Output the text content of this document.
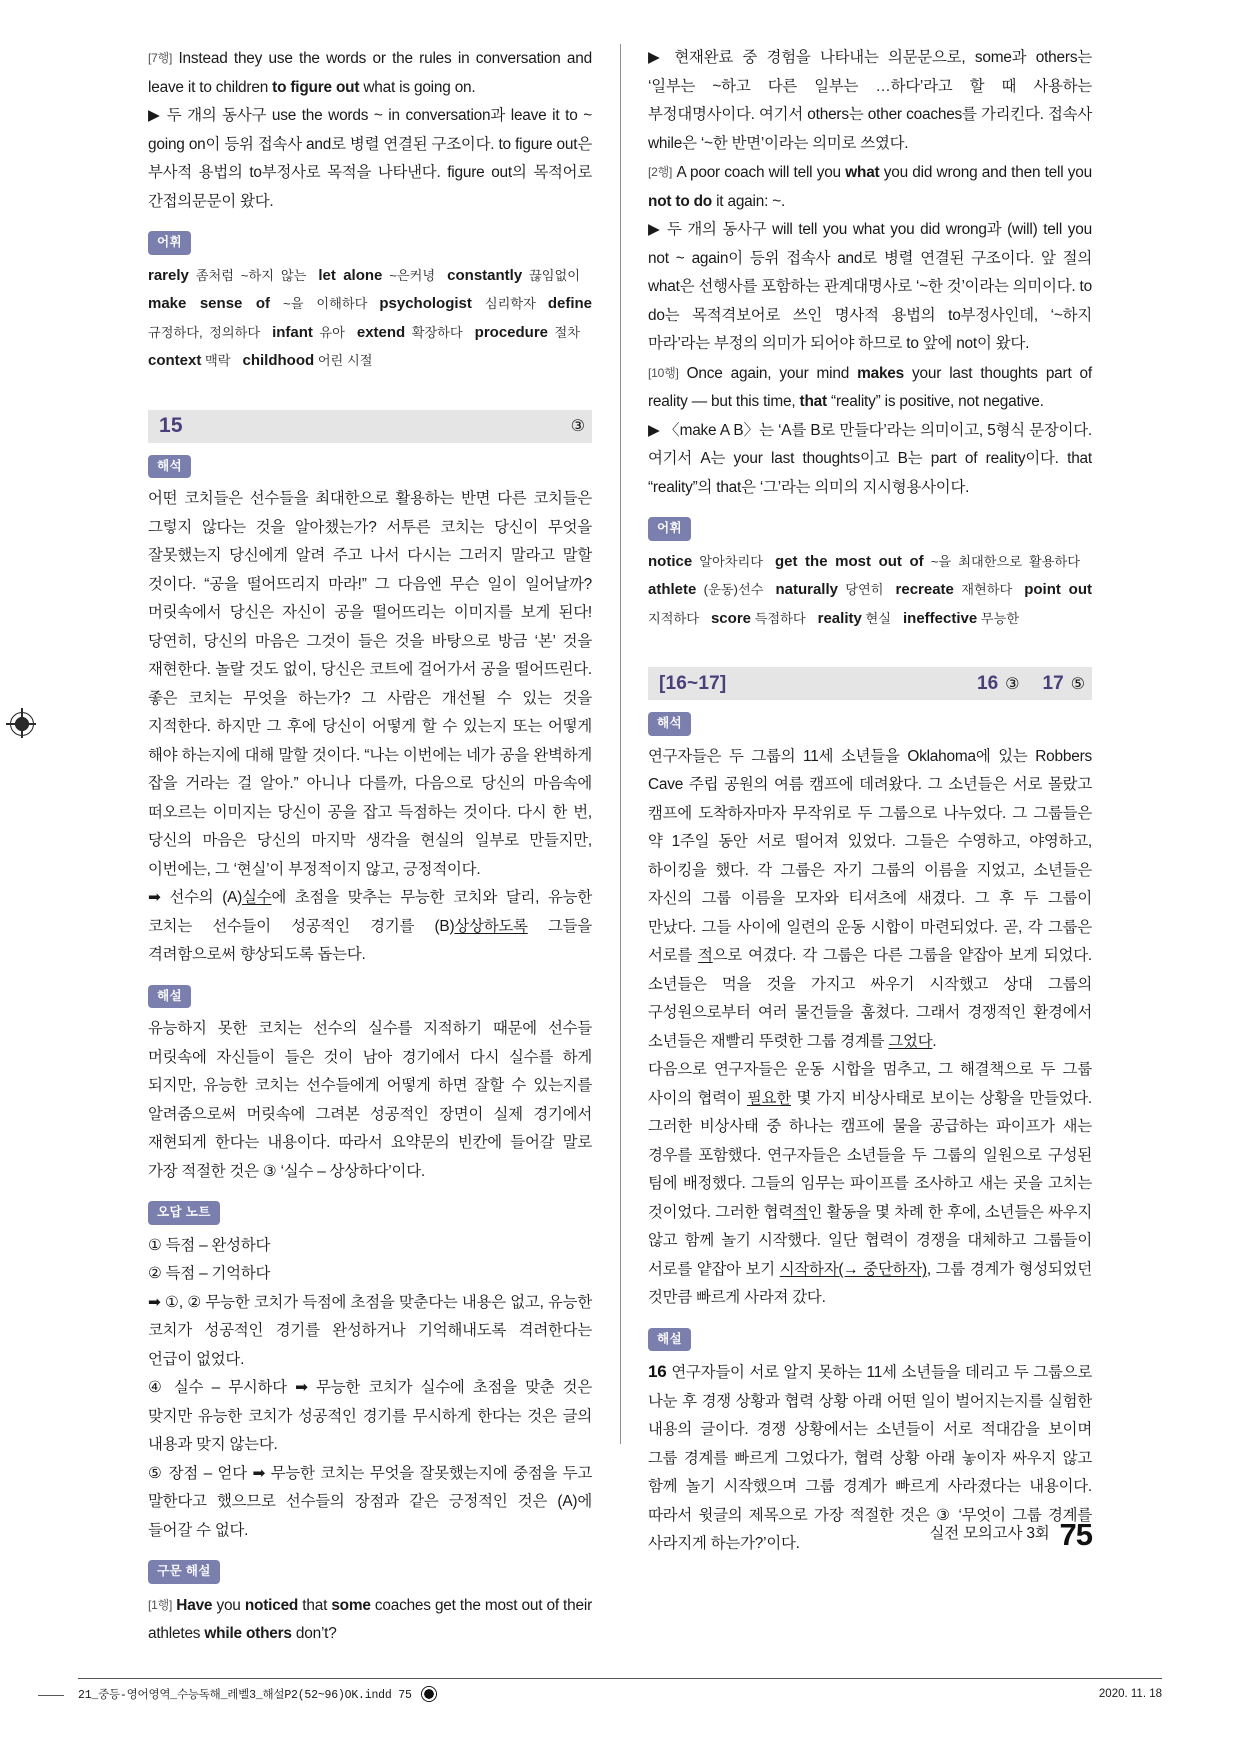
[7행] Instead they use the words or the rules in conversation and leave it to children to figure out what is going on.

▶ 두 개의 동사구 use the words ~ in conversation과 leave it to ~ going on이 등위 접속사 and로 병렬 연결된 구조이다. to figure out은 부사적 용법의 to부정사로 목적을 나타낸다. figure out의 목적어로 간접의문문이 왔다.

어휘
rarely 좀처럼 ~하지 않는 let alone ~은커녕 constantly 끊임없이make sense of ~을 이해하다 psychologist 심리학자 define 규정하다, 정의하다 infant 유아 extend 확장하다 procedure 절차context 맥락 childhood 어린 시절
15	③
해석

어떤 코치들은 선수들을 최대한으로 활용하는 반면 다른 코치들은 그렇지 않다는 것을 알아챘는가? 서투른 코치는 당신이 무엇을 잘못했는지 당신에게 알려 주고 나서 다시는 그러지 말라고 말할 것이다. “공을 떨어뜨리지 마라!” 그 다음엔 무슨 일이 일어날까? 머릿속에서 당신은 자신이 공을 떨어뜨리는 이미지를 보게 된다! 당연히, 당신의 마음은 그것이 들은 것을 바탕으로 방금 ‘본’ 것을 재현한다. 놀랄 것도 없이, 당신은 코트에 걸어가서 공을 떨어뜨린다. 좋은 코치는 무엇을 하는가? 그 사람은 개선될 수 있는 것을 지적한다. 하지만 그 후에 당신이 어떻게 할 수 있는지 또는 어떻게 해야 하는지에 대해 말할 것이다. “나는 이번에는 네가 공을 완벽하게 잡을 거라는 걸 알아.” 아니나 다를까, 다음으로 당신의 마음속에 떠오르는 이미지는 당신이 공을 잡고 득점하는 것이다. 다시 한 번, 당신의 마음은 당신의 마지막 생각을 현실의 일부로 만들지만, 이번에는, 그 ‘현실’이 부정적이지 않고, 긍정적이다.

➡ 선수의 (A)실수에 초점을 맞추는 무능한 코치와 달리, 유능한 코치는 선수들이 성공적인 경기를 (B)상상하도록 그들을 격려함으로써 향상되도록 돕는다.

해설

유능하지 못한 코치는 선수의 실수를 지적하기 때문에 선수들 머릿속에 자신들이 들은 것이 남아 경기에서 다시 실수를 하게 되지만, 유능한 코치는 선수들에게 어떻게 하면 잘할 수 있는지를 알려줌으로써 머릿속에 그려본 성공적인 장면이 실제 경기에서 재현되게 한다는 내용이다. 따라서 요약문의 빈칸에 들어갈 말로 가장 적절한 것은 ③ ‘실수 – 상상하다’이다.

오답 노트

① 득점 – 완성하다

② 득점 – 기억하다

➡ ①, ② 무능한 코치가 득점에 초점을 맞춘다는 내용은 없고, 유능한 코치가 성공적인 경기를 완성하거나 기억해내도록 격려한다는 언급이 없었다.

④ 실수 – 무시하다 ➡ 무능한 코치가 실수에 초점을 맞춘 것은 맞지만 유능한 코치가 성공적인 경기를 무시하게 한다는 것은 글의 내용과 맞지 않는다.

⑤ 장점 – 얻다 ➡ 무능한 코치는 무엇을 잘못했는지에 중점을 두고 말한다고 했으므로 선수들의 장점과 같은 긍정적인 것은 (A)에 들어갈 수 없다.

구문 해설

[1행] Have you noticed that some coaches get the most out of their athletes while others don’t?

▶ 현재완료 중 경험을 나타내는 의문문으로, some과 others는 ‘일부는 ~하고 다른 일부는 …하다’라고 할 때 사용하는 부정대명사이다. 여기서 others는 other coaches를 가리킨다. 접속사 while은 ‘~한 반면’이라는 의미로 쓰였다.

[2행] A poor coach will tell you what you did wrong and then tell you not to do it again: ~.

▶ 두 개의 동사구 will tell you what you did wrong과 (will) tell you not ~ again이 등위 접속사 and로 병렬 연결된 구조이다. 앞 절의 what은 선행사를 포함하는 관계대명사로 ‘~한 것’이라는 의미이다. to do는 목적격보어로 쓰인 명사적 용법의 to부정사인데, ‘~하지 마라’라는 부정의 의미가 되어야 하므로 to 앞에 not이 왔다.

[10행] Once again, your mind makes your last thoughts part of reality — but this time, that “reality” is positive, not negative.

▶ 〈make A B〉는 ‘A를 B로 만들다’라는 의미이고, 5형식 문장이다. 여기서 A는 your last thoughts이고 B는 part of reality이다. that “reality”의 that은 ‘그’라는 의미의 지시형용사이다.

어휘
notice 알아차리다 get the most out of ~을 최대한으로 활용하다athlete (운동)선수 naturally 당연히 recreate 재현하다 point out 지적하다 score 득점하다 reality 현실 ineffective 무능한
[16~17]	16 ③ 17 ⑤
해석

연구자들은 두 그룹의 11세 소년들을 Oklahoma에 있는 Robbers Cave 주립 공원의 여름 캠프에 데려왔다. 그 소년들은 서로 몰랐고 캠프에 도착하자마자 무작위로 두 그룹으로 나누었다. 그 그룹들은 약 1주일 동안 서로 떨어져 있었다. 그들은 수영하고, 야영하고, 하이킹을 했다. 각 그룹은 자기 그룹의 이름을 지었고, 소년들은 자신의 그룹 이름을 모자와 티셔츠에 새겼다. 그 후 두 그룹이 만났다. 그들 사이에 일련의 운동 시합이 마련되었다. 곧, 각 그룹은 서로를 적으로 여겼다. 각 그룹은 다른 그룹을 얕잡아 보게 되었다. 소년들은 먹을 것을 가지고 싸우기 시작했고 상대 그룹의 구성원으로부터 여러 물건들을 훔쳤다. 그래서 경쟁적인 환경에서 소년들은 재빨리 뚜렷한 그룹 경계를 그었다.

다음으로 연구자들은 운동 시합을 멈추고, 그 해결책으로 두 그룹 사이의 협력이 필요한 몇 가지 비상사태로 보이는 상황을 만들었다. 그러한 비상사태 중 하나는 캠프에 물을 공급하는 파이프가 새는 경우를 포함했다. 연구자들은 소년들을 두 그룹의 일원으로 구성된 팀에 배정했다. 그들의 임무는 파이프를 조사하고 새는 곳을 고치는 것이었다. 그러한 협력적인 활동을 몇 차례 한 후에, 소년들은 싸우지 않고 함께 놀기 시작했다. 일단 협력이 경쟁을 대체하고 그룹들이 서로를 얕잡아 보기 시작하자(→ 중단하자), 그룹 경계가 형성되었던 것만큼 빠르게 사라져 갔다.

해설

16 연구자들이 서로 알지 못하는 11세 소년들을 데리고 두 그룹으로 나눈 후 경쟁 상황과 협력 상황 아래 어떤 일이 벌어지는지를 실험한 내용의 글이다. 경쟁 상황에서는 소년들이 서로 적대감을 보이며 그룹 경계를 빠르게 그었다가, 협력 상황 아래 놓이자 싸우지 않고 함께 놀기 시작했으며 그룹 경계가 빠르게 사라졌다는 내용이다. 따라서 윗글의 제목으로 가장 적절한 것은 ③ ‘무엇이 그룹 경계를 사라지게 하는가?’이다.

실전 모의고사 3회 75
21_중등-영어영역_수능독해_레벨3_해설P2(52~96)OK.indd 75	2020. 11. 18
